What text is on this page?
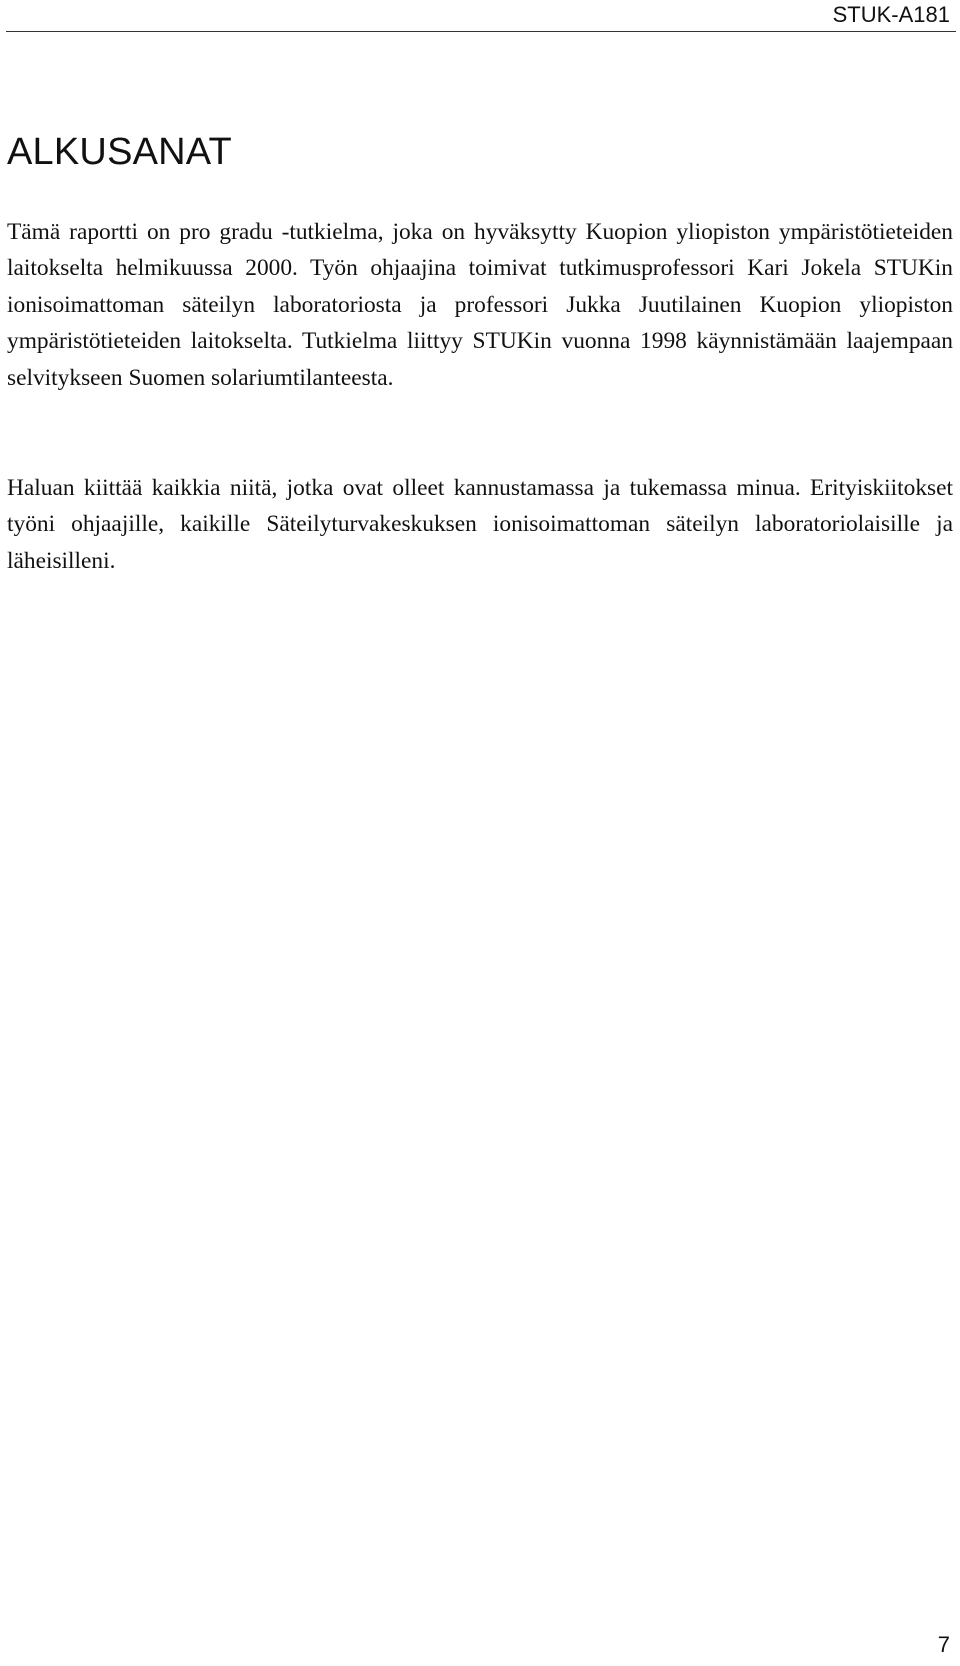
STUK-A181
ALKUSANAT

Tämä raportti on pro gradu -tutkielma, joka on hyväksytty Kuopion yliopiston ympäristötieteiden laitokselta helmikuussa 2000. Työn ohjaajina toimivat tutkimusprofessori Kari Jokela STUKin ionisoimattoman säteilyn laboratoriosta ja professori Jukka Juutilainen Kuopion yliopiston ympäristötieteiden laitokselta. Tutkielma liittyy STUKin vuonna 1998 käynnistämään laajempaan selvitykseen Suomen solariumtilanteesta.

Haluan kiittää kaikkia niitä, jotka ovat olleet kannustamassa ja tukemassa minua. Erityiskiitokset työni ohjaajille, kaikille Säteilyturvakeskuksen ionisoimattoman säteilyn laboratoriolaisille ja läheisilleni.

7
